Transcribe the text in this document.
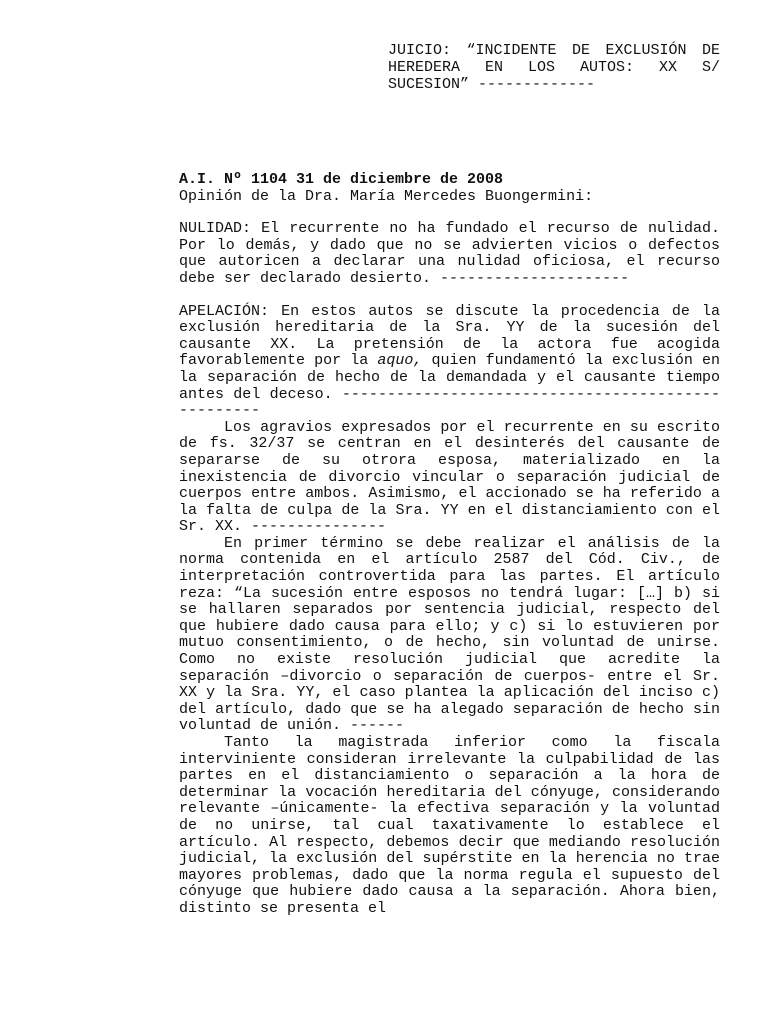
JUICIO: “INCIDENTE DE EXCLUSIÓN DE HEREDERA EN LOS AUTOS: XX S/ SUCESION” -------------

A.I. Nº 1104 31 de diciembre de 2008

Opinión de la Dra. María Mercedes Buongermini:

NULIDAD: El recurrente no ha fundado el recurso de nulidad. Por lo demás, y dado que no se advierten vicios o defectos que autoricen a declarar una nulidad oficiosa, el recurso debe ser declarado desierto. ---------------------

APELACIÓN: En estos autos se discute la procedencia de la exclusión hereditaria de la Sra. YY de la sucesión del causante XX. La pretensión de la actora fue acogida favorablemente por la aquo, quien fundamentó la exclusión en la separación de hecho de la demandada y el causante tiempo antes del deceso. ---------------------------------------------------

Los agravios expresados por el recurrente en su escrito de fs. 32/37 se centran en el desinterés del causante de separarse de su otrora esposa, materializado en la inexistencia de divorcio vincular o separación judicial de cuerpos entre ambos. Asimismo, el accionado se ha referido a la falta de culpa de la Sra. YY en el distanciamiento con el Sr. XX. ---------------

En primer término se debe realizar el análisis de la norma contenida en el artículo 2587 del Cód. Civ., de interpretación controvertida para las partes. El artículo reza: “La sucesión entre esposos no tendrá lugar: […] b) si se hallaren separados por sentencia judicial, respecto del que hubiere dado causa para ello; y c) si lo estuvieren por mutuo consentimiento, o de hecho, sin voluntad de unirse. Como no existe resolución judicial que acredite la separación –divorcio o separación de cuerpos- entre el Sr. XX y la Sra. YY, el caso plantea la aplicación del inciso c) del artículo, dado que se ha alegado separación de hecho sin voluntad de unión. ------

Tanto la magistrada inferior como la fiscala interviniente consideran irrelevante la culpabilidad de las partes en el distanciamiento o separación a la hora de determinar la vocación hereditaria del cónyuge, considerando relevante –únicamente- la efectiva separación y la voluntad de no unirse, tal cual taxativamente lo establece el artículo. Al respecto, debemos decir que mediando resolución judicial, la exclusión del supérstite en la herencia no trae mayores problemas, dado que la norma regula el supuesto del cónyuge que hubiere dado causa a la separación. Ahora bien, distinto se presenta el
